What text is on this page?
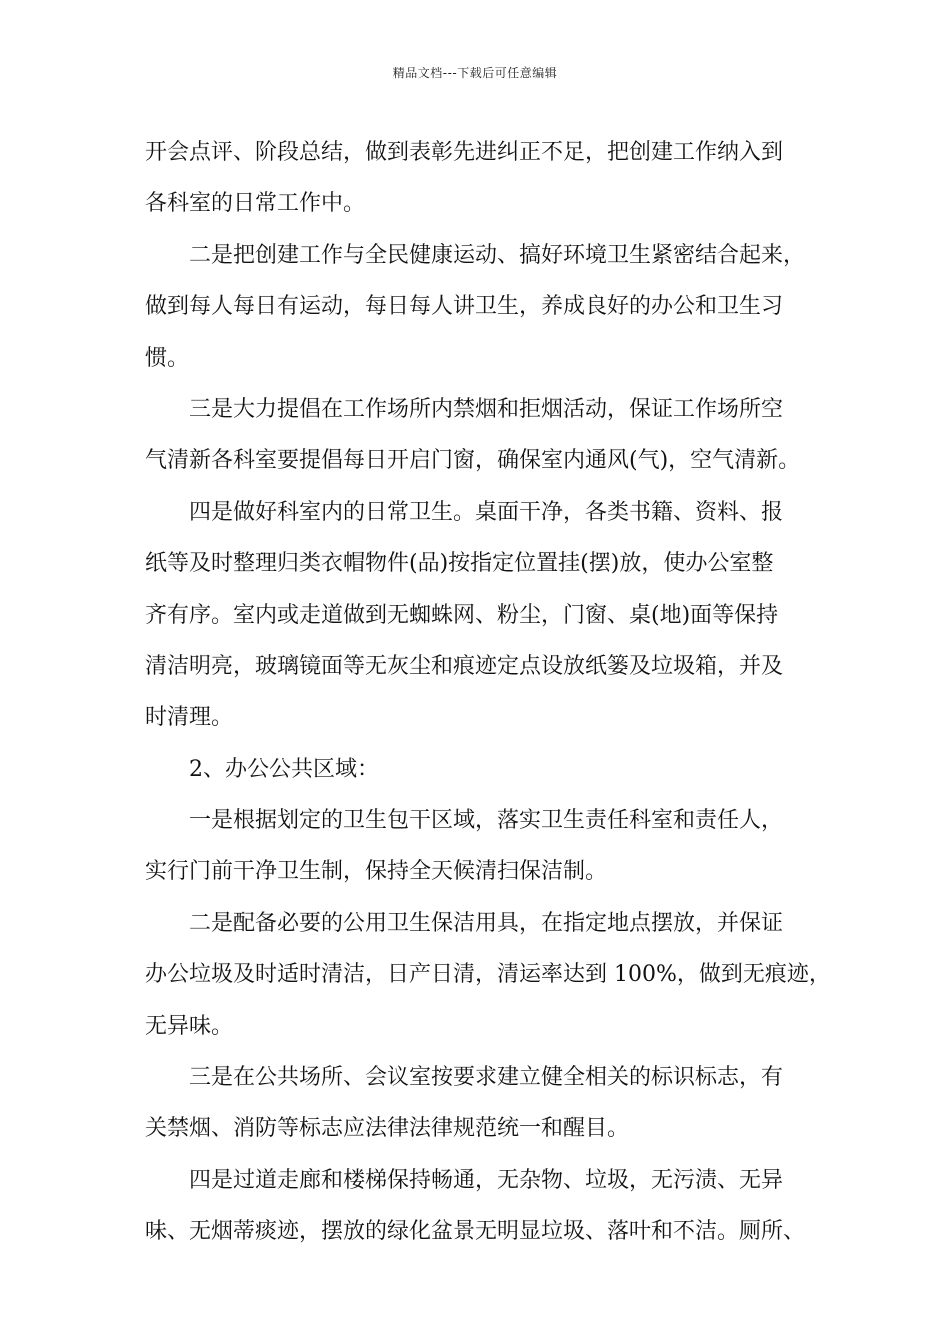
精品文档---下载后可任意编辑
开会点评、阶段总结，做到表彰先进纠正不足，把创建工作纳入到
各科室的日常工作中。
二是把创建工作与全民健康运动、搞好环境卫生紧密结合起来，
做到每人每日有运动，每日每人讲卫生，养成良好的办公和卫生习
惯。
三是大力提倡在工作场所内禁烟和拒烟活动，保证工作场所空
气清新各科室要提倡每日开启门窗，确保室内通风(气)，空气清新。
四是做好科室内的日常卫生。桌面干净，各类书籍、资料、报
纸等及时整理归类衣帽物件(品)按指定位置挂(摆)放，使办公室整
齐有序。室内或走道做到无蜘蛛网、粉尘，门窗、桌(地)面等保持
清洁明亮，玻璃镜面等无灰尘和痕迹定点设放纸篓及垃圾箱，并及
时清理。
2、办公公共区域：
一是根据划定的卫生包干区域，落实卫生责任科室和责任人，
实行门前干净卫生制，保持全天候清扫保洁制。
二是配备必要的公用卫生保洁用具，在指定地点摆放，并保证
办公垃圾及时适时清洁，日产日清，清运率达到 100%，做到无痕迹，
无异味。
三是在公共场所、会议室按要求建立健全相关的标识标志，有
关禁烟、消防等标志应法律法律规范统一和醒目。
四是过道走廊和楼梯保持畅通，无杂物、垃圾，无污渍、无异
味、无烟蒂痰迹，摆放的绿化盆景无明显垃圾、落叶和不洁。厕所、
